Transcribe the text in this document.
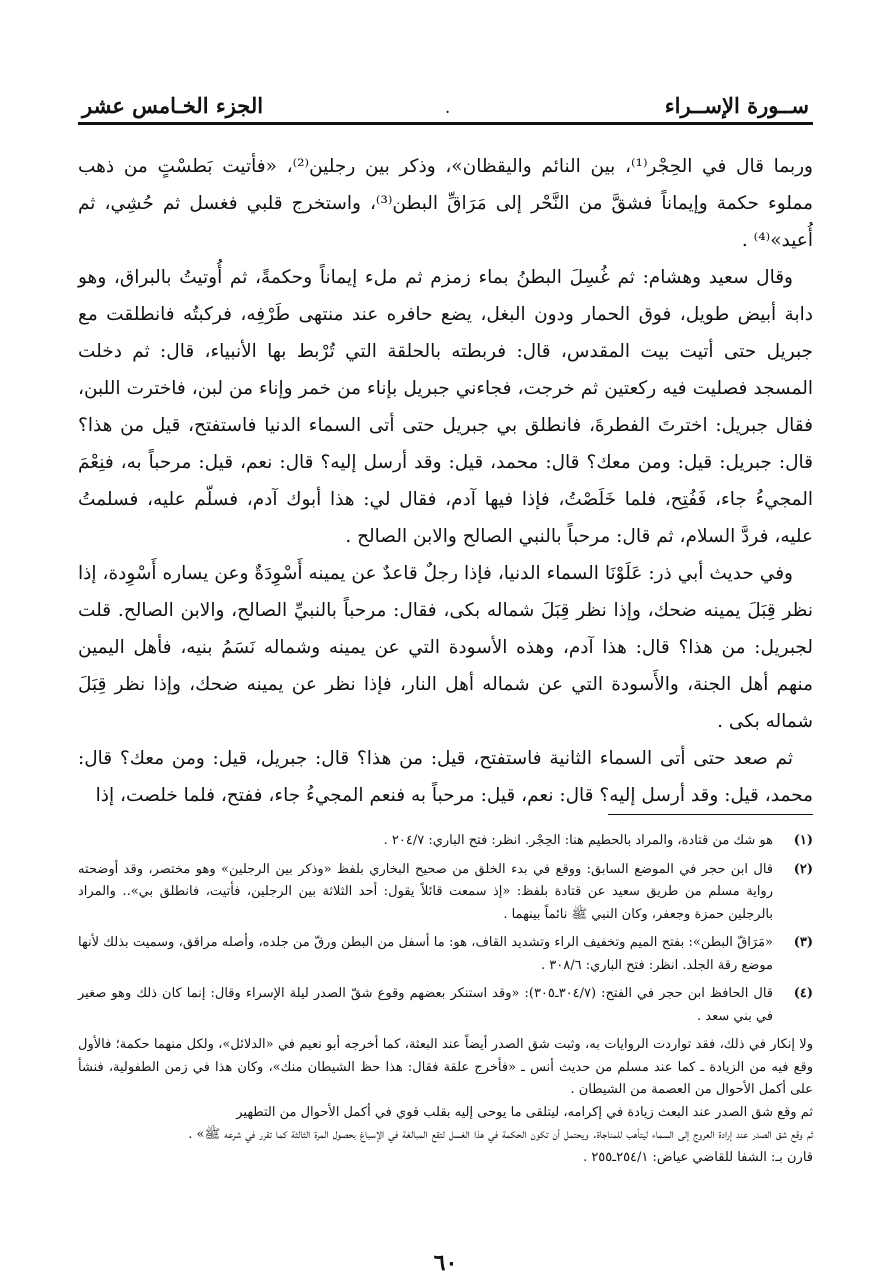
ســورة الإســراء
.
الجزء الخـامس عشر

وربما قال في الحِجْر⁽¹⁾، بين النائم واليقظان»، وذكر بين رجلين⁽²⁾، «فأتيت بَطسْتٍ من ذهب مملوء حكمة وإيماناً فشقَّ من النَّحْر إلى مَرَاقِّ البطن⁽³⁾، واستخرج قلبي فغسل ثم حُشِي، ثم أُعيد»⁽⁴⁾ .

وقال سعيد وهشام: ثم غُسِلَ البطنُ بماء زمزم ثم ملء إيماناً وحكمةً، ثم أُوتيتُ بالبراق، وهو دابة أبيض طويل، فوق الحمار ودون البغل، يضع حافره عند منتهى طَرْفِه، فركبتُه فانطلقت مع جبريل حتى أتيت بيت المقدس، قال: فربطته بالحلقة التي تُرْبط بها الأنبياء، قال: ثم دخلت المسجد فصليت فيه ركعتين ثم خرجت، فجاءني جبريل بإناء من خمر وإناء من لبن، فاخترت اللبن، فقال جبريل: اخترتَ الفطرةَ، فانطلق بي جبريل حتى أتى السماء الدنيا فاستفتح، قيل من هذا؟ قال: جبريل: قيل: ومن معك؟ قال: محمد، قيل: وقد أرسل إليه؟ قال: نعم، قيل: مرحباً به، فنِعْمَ المجيءُ جاء، فَفُتِح، فلما خَلَصْتُ، فإذا فيها آدم، فقال لي: هذا أبوك آدم، فسلّم عليه، فسلمتُ عليه، فردَّ السلام، ثم قال: مرحباً بالنبي الصالح والابن الصالح .

وفي حديث أبي ذر: عَلَوْنَا السماء الدنيا، فإذا رجلٌ قاعدٌ عن يمينه أَسْوِدَةٌ وعن يساره أَسْوِدة، إذا نظر قِبَلَ يمينه ضحك، وإذا نظر قِبَلَ شماله بكى، فقال: مرحباً بالنبيِّ الصالح، والابن الصالح. قلت لجبريل: من هذا؟ قال: هذا آدم، وهذه الأسودة التي عن يمينه وشماله نَسَمُ بنيه، فأهل اليمين منهم أهل الجنة، والأَسودة التي عن شماله أهل النار، فإذا نظر عن يمينه ضحك، وإذا نظر قِبَلَ شماله بكى .

ثم صعد حتى أتى السماء الثانية فاستفتح، قيل: من هذا؟ قال: جبريل، قيل: ومن معك؟ قال: محمد، قيل: وقد أرسل إليه؟ قال: نعم، قيل: مرحباً به فنعم المجيءُ جاء، ففتح، فلما خلصت، إذا

(١)
هو شك من قتادة، والمراد بالحطيم هنا: الحِجْر. انظر: فتح الباري: ٢٠٤/٧ .
(٢)
قال ابن حجر في الموضع السابق: ووقع في بدء الخلق من صحيح البخاري بلفظ «وذكر بين الرجلين» وهو مختصر، وقد أوضحته رواية مسلم من طريق سعيد عن قتادة بلفظ: «إذ سمعت قائلاً يقول: أحد الثلاثة بين الرجلين، فأتيت، فانطلق بي».. والمراد بالرجلين حمزة وجعفر، وكان النبي ﷺ نائماً بينهما .
(٣)
«مَرَاقّ البطن»: بفتح الميم وتخفيف الراء وتشديد القاف، هو: ما أسفل من البطن ورقّ من جلده، وأصله مراقق، وسميت بذلك لأنها موضع رقة الجلد. انظر: فتح الباري: ٣٠٨/٦ .
(٤)
قال الحافظ ابن حجر في الفتح: (٣٠٤/٧ـ٣٠٥): «وقد استنكر بعضهم وقوع شقّ الصدر ليلة الإسراء وقال: إنما كان ذلك وهو صغير في بني سعد .
ولا إنكار في ذلك، فقد تواردت الروايات به، وثبت شق الصدر أيضاً عند البعثة، كما أخرجه أبو نعيم في «الدلائل»، ولكل منهما حكمة؛ فالأول وقع فيه من الزيادة ـ كما عند مسلم من حديث أنس ـ «فأخرج علقة فقال: هذا حظ الشيطان منك»، وكان هذا في زمن الطفولية، فنشأ على أكمل الأحوال من العصمة من الشيطان .
ثم وقع شق الصدر عند البعث زيادة في إكرامه، ليتلقى ما يوحى إليه بقلب قوي في أكمل الأحوال من التطهير
ثم وقع شق الصدر عند إرادة العروج إلى السماء ليتأهب للمناجاة. ويحتمل أن تكون الحكمة في هذا الغسل لتقع المبالغة في الإسباغ بحصول المرة الثالثة كما تقرر في شرعه ﷺ» .
قارن بـ: الشفا للقاضي عياض: ٢٥٤/١ـ٢٥٥ .
٦٠
